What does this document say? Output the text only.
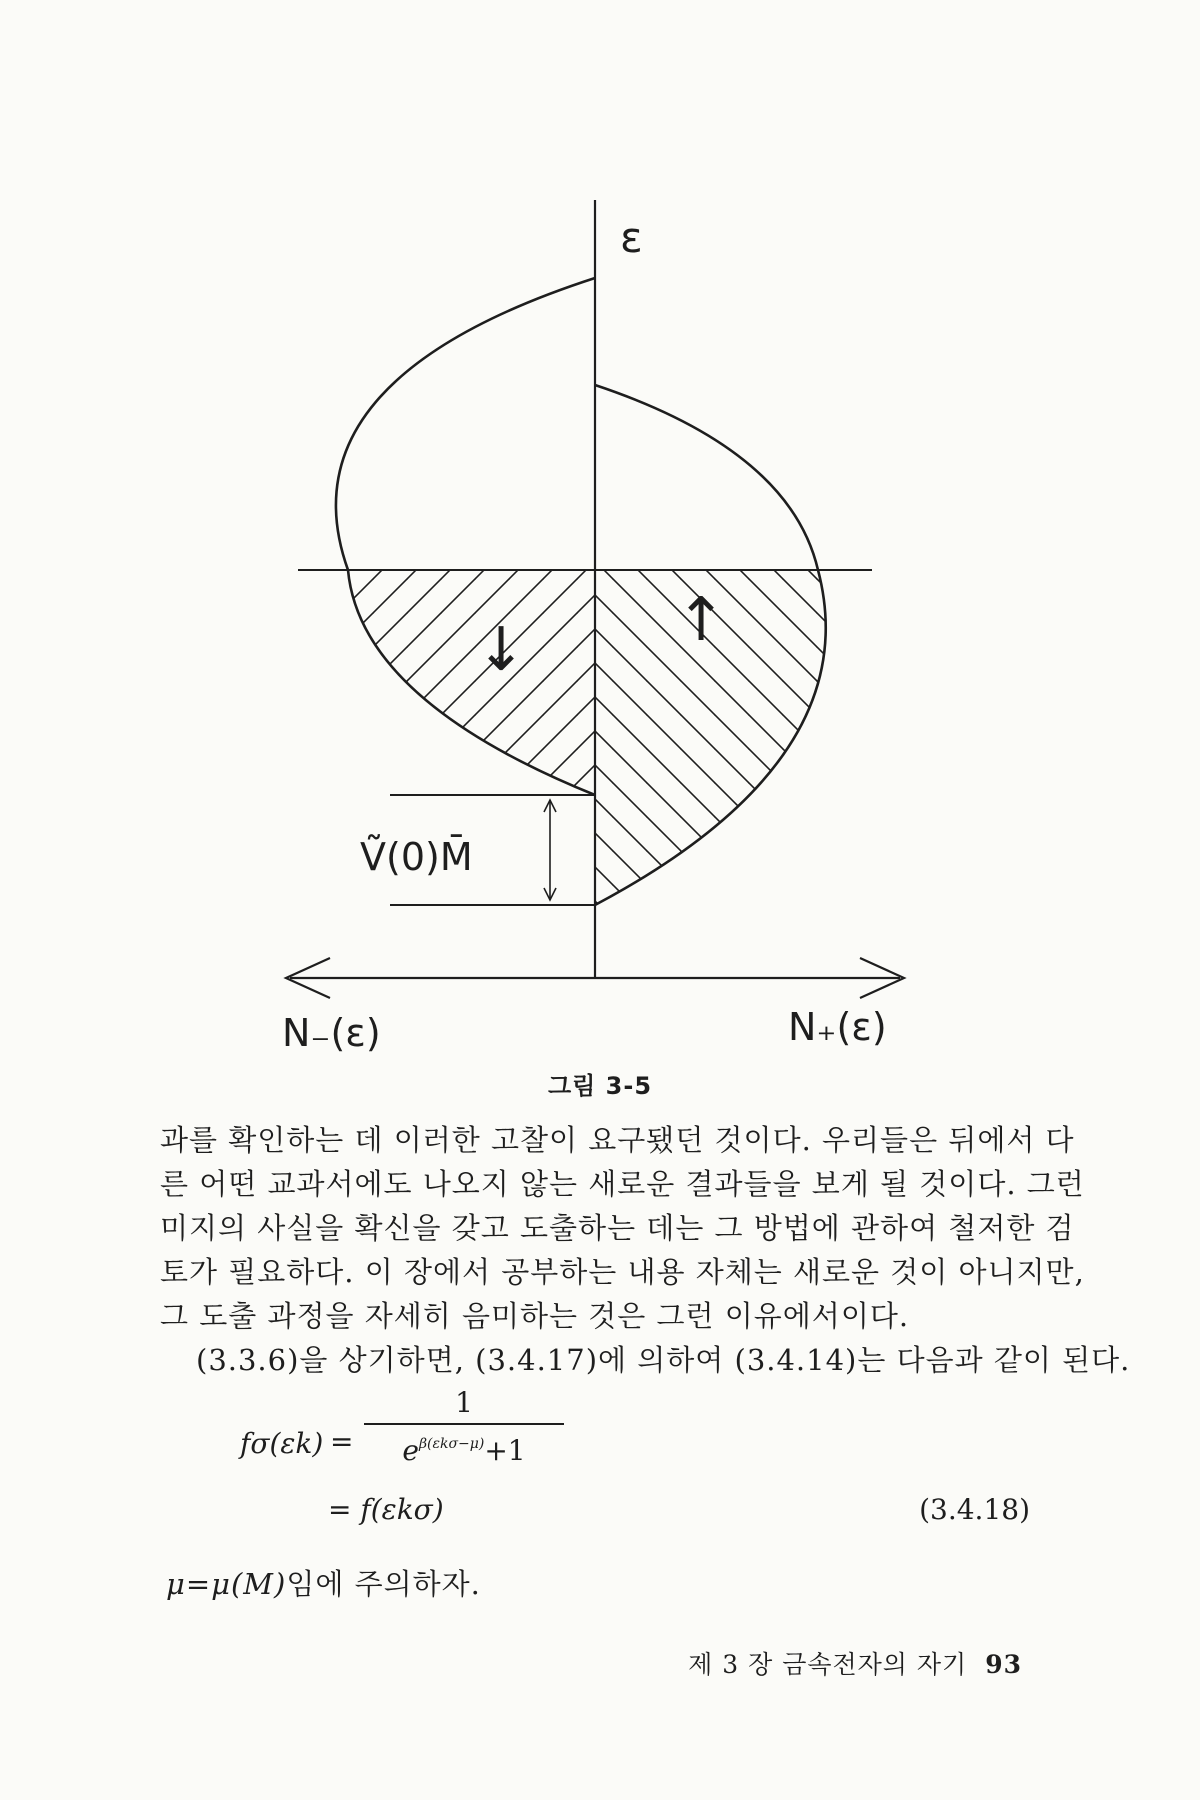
ε
↓ ↑
Ṽ(0)M̄
N₋(ε)	N₊(ε)
그림 3-5
과를 확인하는 데 이러한 고찰이 요구됐던 것이다. 우리들은 뒤에서 다
른 어떤 교과서에도 나오지 않는 새로운 결과들을 보게 될 것이다. 그런
미지의 사실을 확신을 갖고 도출하는 데는 그 방법에 관하여 철저한 검
토가 필요하다. 이 장에서 공부하는 내용 자체는 새로운 것이 아니지만,
그 도출 과정을 자세히 음미하는 것은 그런 이유에서이다.
(3.3.6)을 상기하면, (3.4.17)에 의하여 (3.4.14)는 다음과 같이 된다.
fσ(εk) =
1
$e^{\beta(\varepsilon k\sigma-\mu)}+1$
= f(εkσ)	(3.4.18)
μ=μ(M)임에 주의하자.
제 3 장 금속전자의 자기 93
